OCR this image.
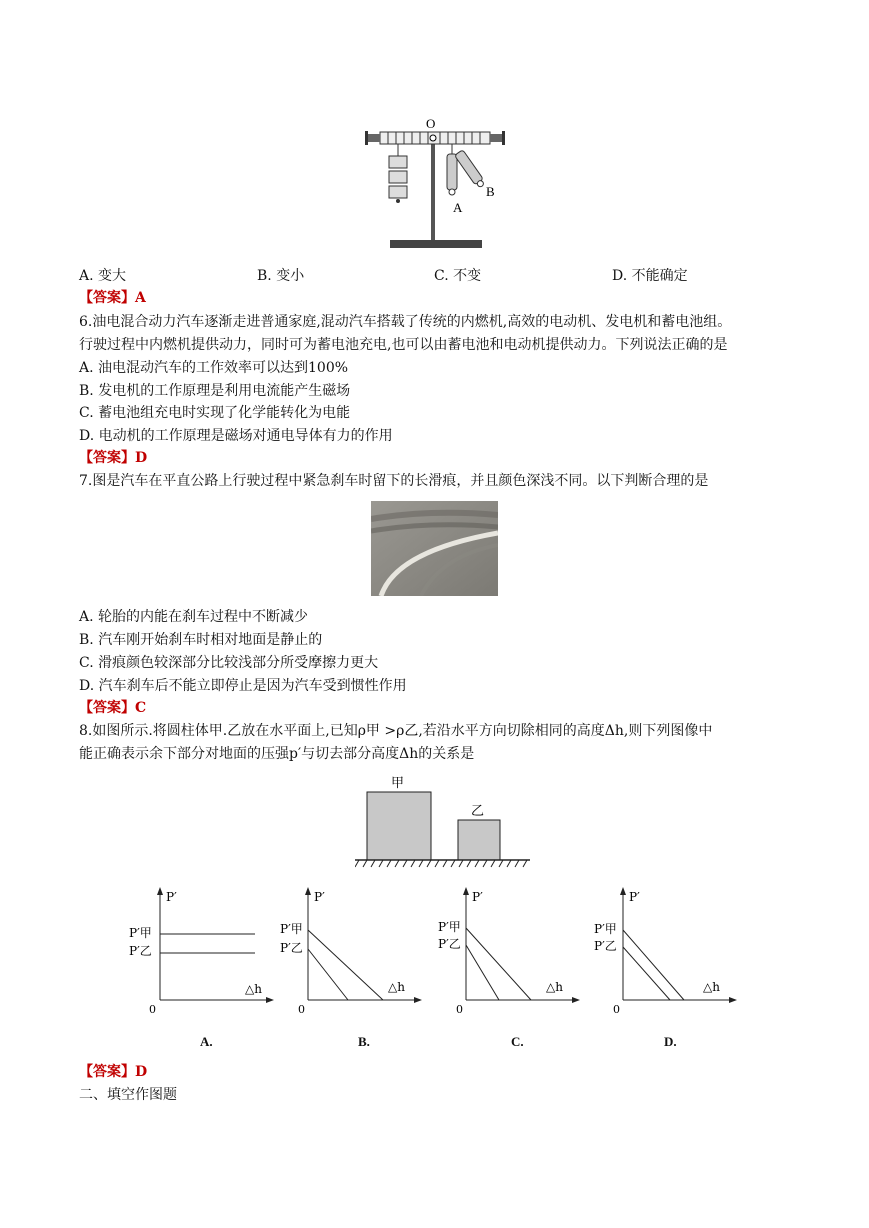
O
A
B
A. 变大	B. 变小	C. 不变	D. 不能确定
【答案】A
6.油电混合动力汽车逐渐走进普通家庭,混动汽车搭载了传统的内燃机,高效的电动机、发电机和蓄电池组。
行驶过程中内燃机提供动力，同时可为蓄电池充电,也可以由蓄电池和电动机提供动力。下列说法正确的是
A. 油电混动汽车的工作效率可以达到100%
B. 发电机的工作原理是利用电流能产生磁场
C. 蓄电池组充电时实现了化学能转化为电能
D. 电动机的工作原理是磁场对通电导体有力的作用
【答案】D
7.图是汽车在平直公路上行驶过程中紧急刹车时留下的长滑痕，并且颜色深浅不同。以下判断合理的是
A. 轮胎的内能在刹车过程中不断减少
B. 汽车刚开始刹车时相对地面是静止的
C. 滑痕颜色较深部分比较浅部分所受摩擦力更大
D. 汽车刹车后不能立即停止是因为汽车受到惯性作用
【答案】C
8.如图所示.将圆柱体甲.乙放在水平面上,已知ρ甲 >ρ乙,若沿水平方向切除相同的高度Δh,则下列图像中
能正确表示余下部分对地面的压强p′与切去部分高度Δh的关系是
甲
乙
P′
P′甲
P′乙
△h
0
P′
P′甲
P′乙
△h
0
P′
P′甲
P′乙
△h
0
P′
P′甲
P′乙
△h
0
A.	B.	C.	D.
【答案】D
二、填空作图题
